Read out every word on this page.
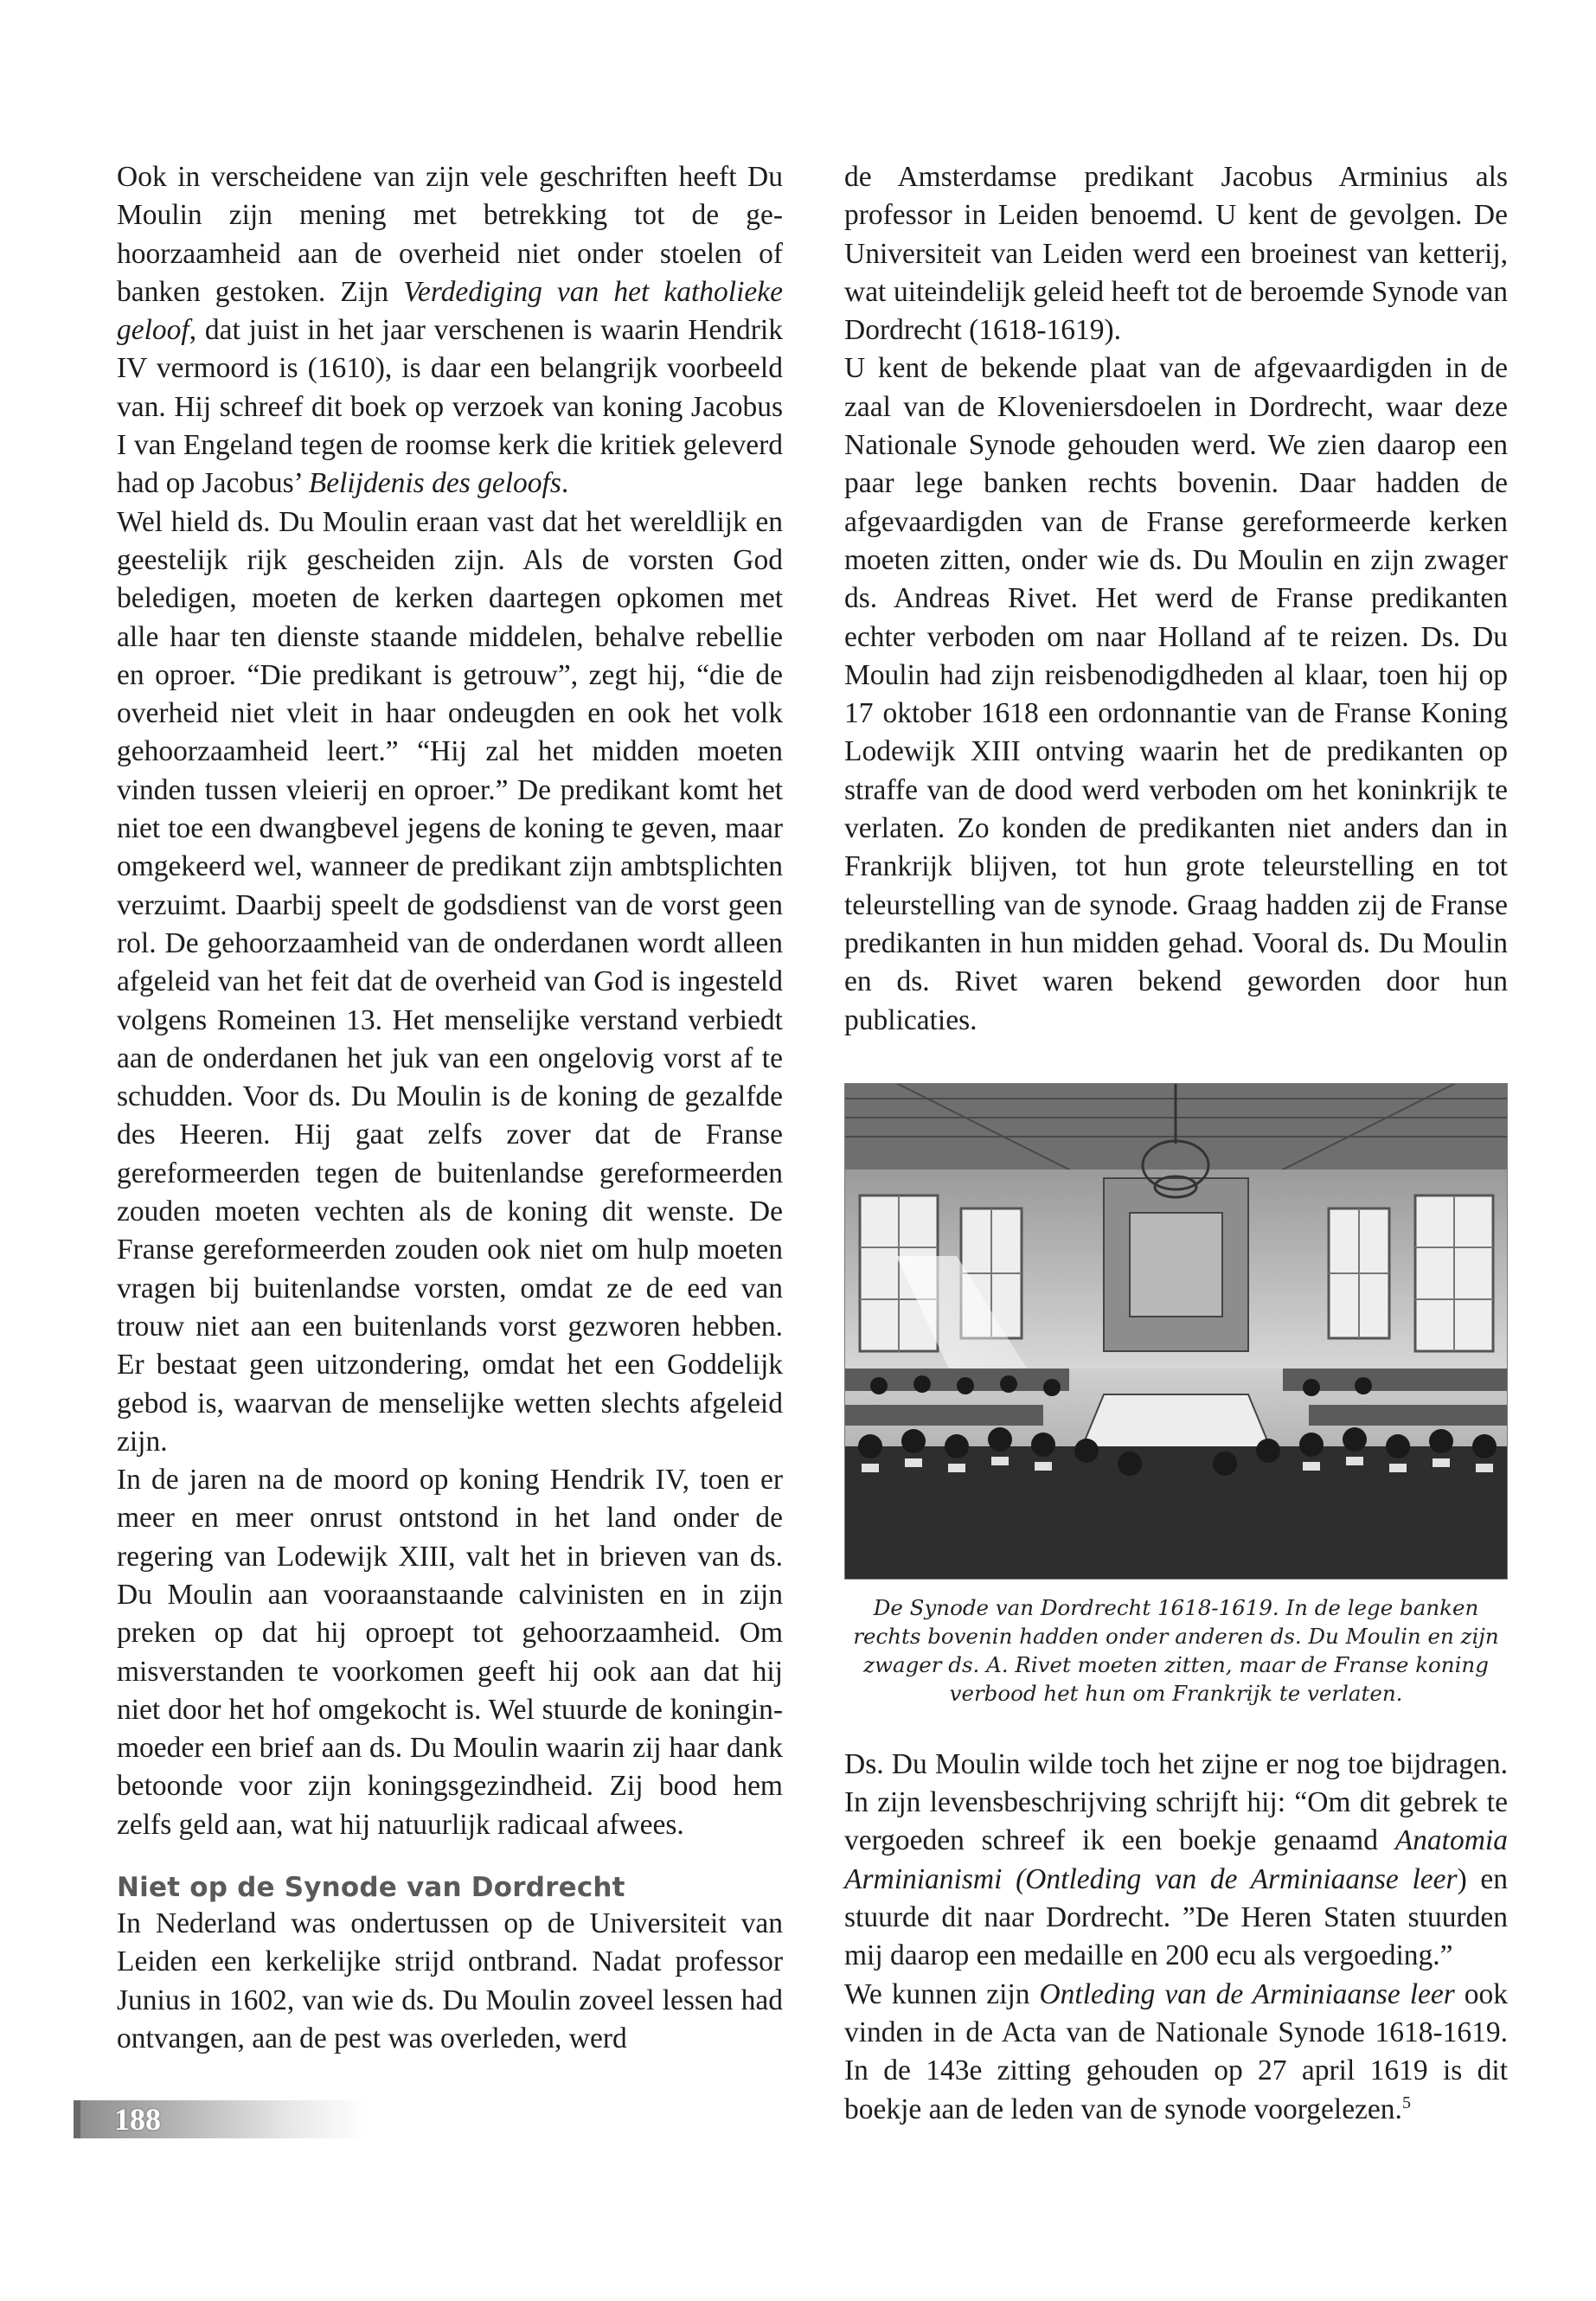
Ook in verscheidene van zijn vele geschriften heeft Du Moulin zijn mening met betrekking tot de gehoorzaamheid aan de overheid niet onder stoelen of banken gestoken. Zijn Verdediging van het katholieke geloof, dat juist in het jaar verschenen is waarin Hendrik IV vermoord is (1610), is daar een belangrijk voorbeeld van. Hij schreef dit boek op verzoek van koning Jacobus I van Engeland tegen de roomse kerk die kritiek geleverd had op Jacobus’ Belijdenis des geloofs.

Wel hield ds. Du Moulin eraan vast dat het wereldlijk en geestelijk rijk gescheiden zijn. Als de vorsten God beledigen, moeten de kerken daartegen opkomen met alle haar ten dienste staande middelen, behalve rebellie en oproer. “Die predikant is getrouw”, zegt hij, “die de overheid niet vleit in haar ondeugden en ook het volk gehoorzaamheid leert.” “Hij zal het midden moeten vinden tussen vleierij en oproer.” De predikant komt het niet toe een dwangbevel jegens de koning te geven, maar omgekeerd wel, wanneer de predikant zijn ambtsplichten verzuimt. Daarbij speelt de godsdienst van de vorst geen rol. De gehoorzaamheid van de onderdanen wordt alleen afgeleid van het feit dat de overheid van God is ingesteld volgens Romeinen 13. Het menselijke verstand verbiedt aan de onderdanen het juk van een ongelovig vorst af te schudden. Voor ds. Du Moulin is de koning de gezalfde des Heeren. Hij gaat zelfs zover dat de Franse gereformeerden tegen de buitenlandse gereformeerden zouden moeten vechten als de koning dit wenste. De Franse gereformeerden zouden ook niet om hulp moeten vragen bij buitenlandse vorsten, omdat ze de eed van trouw niet aan een buitenlands vorst gezworen hebben. Er bestaat geen uitzondering, omdat het een Goddelijk gebod is, waarvan de menselijke wetten slechts afgeleid zijn.

In de jaren na de moord op koning Hendrik IV, toen er meer en meer onrust ontstond in het land onder de regering van Lodewijk XIII, valt het in brieven van ds. Du Moulin aan vooraanstaande calvinisten en in zijn preken op dat hij oproept tot gehoorzaamheid. Om misverstanden te voorkomen geeft hij ook aan dat hij niet door het hof omgekocht is. Wel stuurde de koningin-moeder een brief aan ds. Du Moulin waarin zij haar dank betoonde voor zijn koningsgezindheid. Zij bood hem zelfs geld aan, wat hij natuurlijk radicaal afwees.

Niet op de Synode van Dordrecht

In Nederland was ondertussen op de Universiteit van Leiden een kerkelijke strijd ontbrand. Nadat professor Junius in 1602, van wie ds. Du Moulin zoveel lessen had ontvangen, aan de pest was overleden, werd

de Amsterdamse predikant Jacobus Arminius als professor in Leiden benoemd. U kent de gevolgen. De Universiteit van Leiden werd een broeinest van ketterij, wat uiteindelijk geleid heeft tot de beroemde Synode van Dordrecht (1618-1619).

U kent de bekende plaat van de afgevaardigden in de zaal van de Kloveniersdoelen in Dordrecht, waar deze Nationale Synode gehouden werd. We zien daarop een paar lege banken rechts bovenin. Daar hadden de afgevaardigden van de Franse gereformeerde kerken moeten zitten, onder wie ds. Du Moulin en zijn zwager ds. Andreas Rivet. Het werd de Franse predikanten echter verboden om naar Holland af te reizen. Ds. Du Moulin had zijn reisbenodigdheden al klaar, toen hij op 17 oktober 1618 een ordonnantie van de Franse Koning Lodewijk XIII ontving waarin het de predikanten op straffe van de dood werd verboden om het koninkrijk te verlaten. Zo konden de predikanten niet anders dan in Frankrijk blijven, tot hun grote teleurstelling en tot teleurstelling van de synode. Graag hadden zij de Franse predikanten in hun midden gehad. Vooral ds. Du Moulin en ds. Rivet waren bekend geworden door hun publicaties.

De Synode van Dordrecht 1618-1619. In de lege banken rechts bovenin hadden onder anderen ds. Du Moulin en zijn zwager ds. A. Rivet moeten zitten, maar de Franse koning verbood het hun om Frankrijk te verlaten.

Ds. Du Moulin wilde toch het zijne er nog toe bijdragen. In zijn levensbeschrijving schrijft hij: “Om dit gebrek te vergoeden schreef ik een boekje genaamd Anatomia Arminianismi (Ontleding van de Arminiaanse leer) en stuurde dit naar Dordrecht. ”De Heren Staten stuurden mij daarop een medaille en 200 ecu als vergoeding.”

We kunnen zijn Ontleding van de Arminiaanse leer ook vinden in de Acta van de Nationale Synode 1618-1619. In de 143e zitting gehouden op 27 april 1619 is dit boekje aan de leden van de synode voorgelezen.$^5$

188
